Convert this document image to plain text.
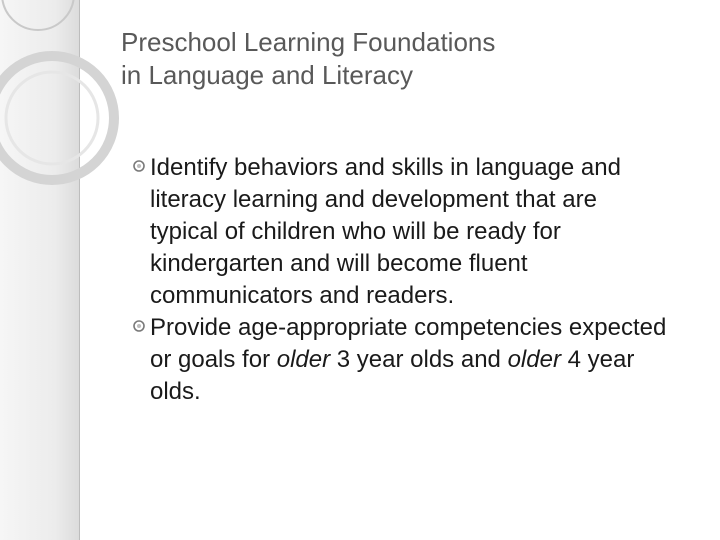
Preschool Learning Foundations
in Language and Literacy

Identify behaviors and skills in language and literacy learning and development that are typical of children who will be ready for kindergarten and will become fluent communicators and readers.

Provide age-appropriate competencies expected or goals for older 3 year olds and older 4 year olds.
